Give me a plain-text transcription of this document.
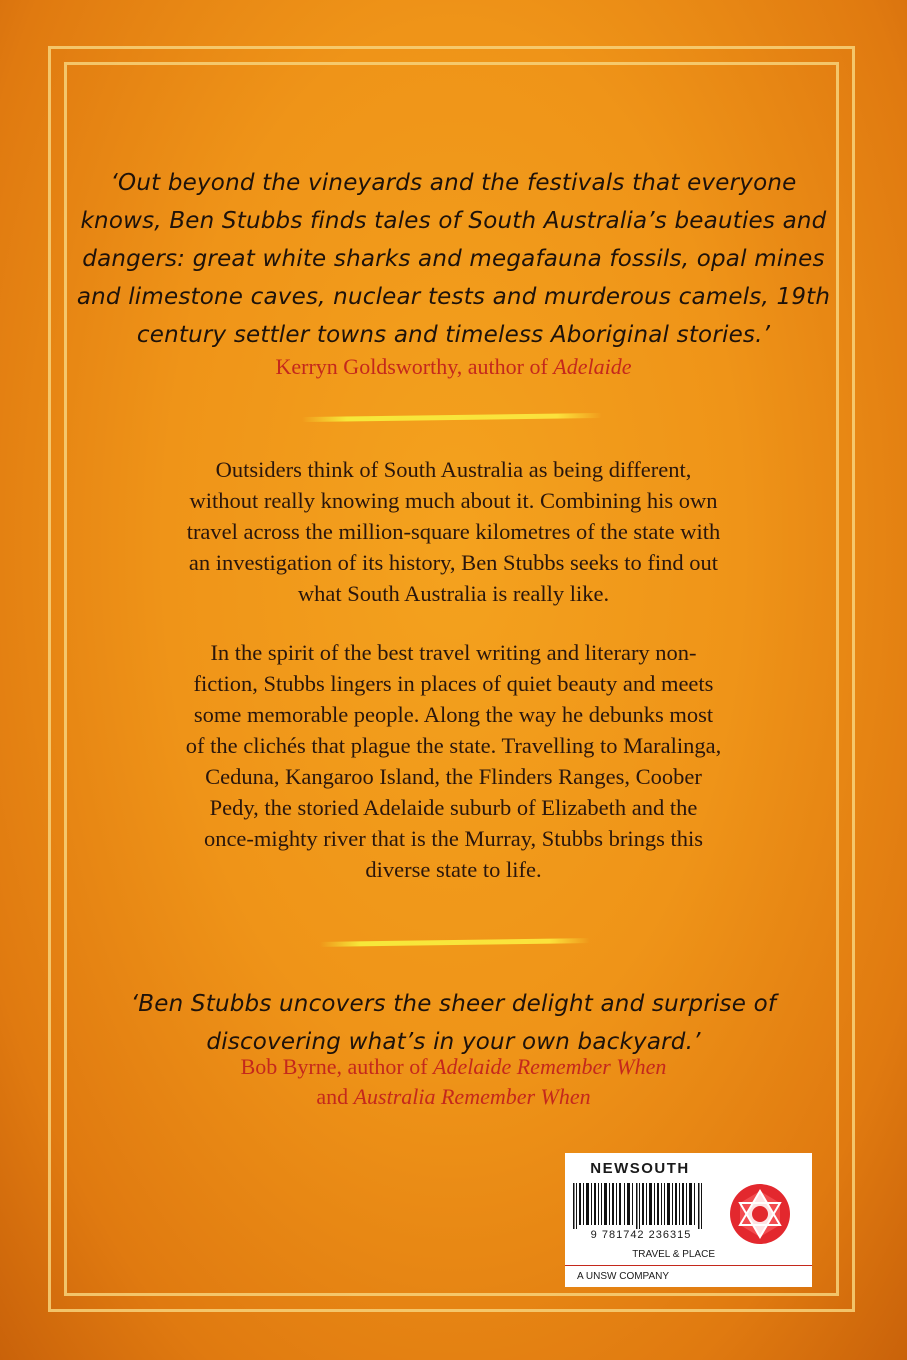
‘Out beyond the vineyards and the festivals that everyone
knows, Ben Stubbs finds tales of South Australia’s beauties and
dangers: great white sharks and megafauna fossils, opal mines
and limestone caves, nuclear tests and murderous camels, 19th
century settler towns and timeless Aboriginal stories.’
Kerryn Goldsworthy, author of Adelaide
Outsiders think of South Australia as being different,
without really knowing much about it. Combining his own
travel across the million-square kilometres of the state with
an investigation of its history, Ben Stubbs seeks to find out
what South Australia is really like.
In the spirit of the best travel writing and literary non-
fiction, Stubbs lingers in places of quiet beauty and meets
some memorable people. Along the way he debunks most
of the clichés that plague the state. Travelling to Maralinga,
Ceduna, Kangaroo Island, the Flinders Ranges, Coober
Pedy, the storied Adelaide suburb of Elizabeth and the
once-mighty river that is the Murray, Stubbs brings this
diverse state to life.
‘Ben Stubbs uncovers the sheer delight and surprise of
discovering what’s in your own backyard.’
Bob Byrne, author of Adelaide Remember When
and Australia Remember When
NEWSOUTH
9 781742 236315
TRAVEL & PLACE
A UNSW COMPANY
